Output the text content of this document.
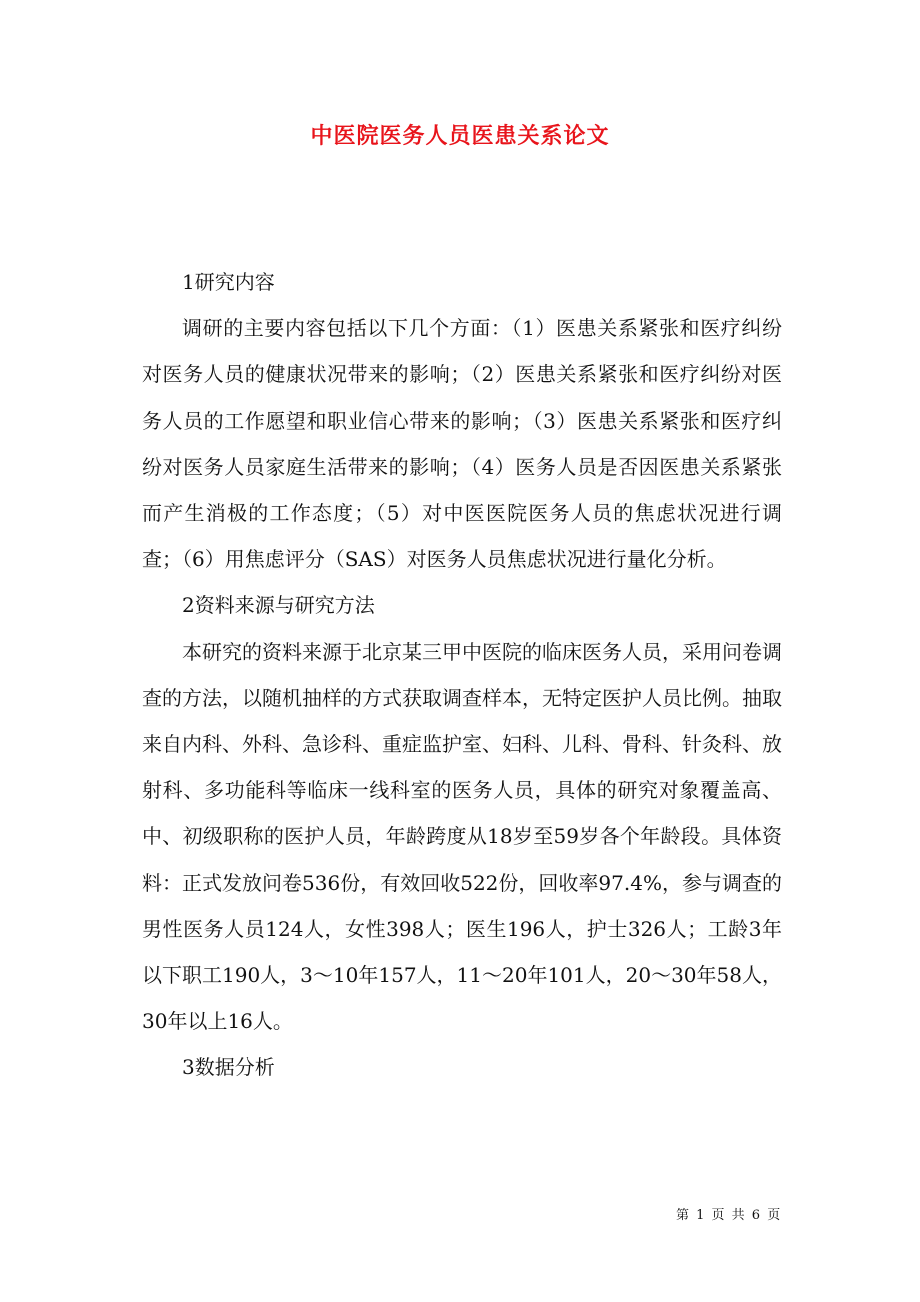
中医院医务人员医患关系论文

1研究内容

调研的主要内容包括以下几个方面：（1）医患关系紧张和医疗纠纷对医务人员的健康状况带来的影响；（2）医患关系紧张和医疗纠纷对医务人员的工作愿望和职业信心带来的影响；（3）医患关系紧张和医疗纠纷对医务人员家庭生活带来的影响；（4）医务人员是否因医患关系紧张而产生消极的工作态度；（5）对中医医院医务人员的焦虑状况进行调查；（6）用焦虑评分（SAS）对医务人员焦虑状况进行量化分析。

2资料来源与研究方法

本研究的资料来源于北京某三甲中医院的临床医务人员，采用问卷调查的方法，以随机抽样的方式获取调查样本，无特定医护人员比例。抽取来自内科、外科、急诊科、重症监护室、妇科、儿科、骨科、针灸科、放射科、多功能科等临床一线科室的医务人员，具体的研究对象覆盖高、中、初级职称的医护人员，年龄跨度从18岁至59岁各个年龄段。具体资料：正式发放问卷536份，有效回收522份，回收率97.4%，参与调查的男性医务人员124人，女性398人；医生196人，护士326人；工龄3年以下职工190人，3～10年157人，11～20年101人，20～30年58人，30年以上16人。

3数据分析

第 1 页 共 6 页
